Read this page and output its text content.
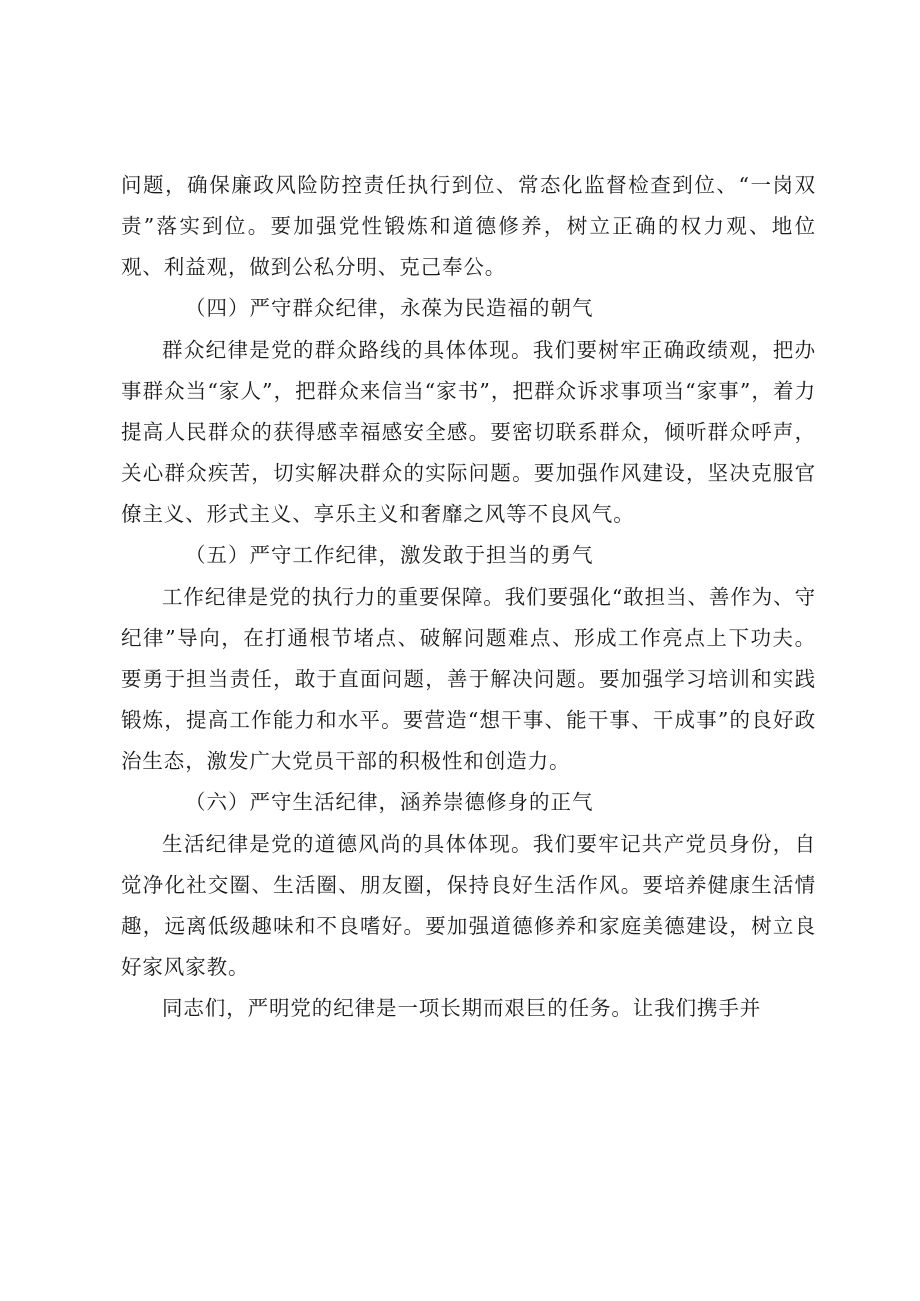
问题，确保廉政风险防控责任执行到位、常态化监督检查到位、“一岗双责”落实到位。要加强党性锻炼和道德修养，树立正确的权力观、地位观、利益观，做到公私分明、克己奉公。

（四）严守群众纪律，永葆为民造福的朝气

群众纪律是党的群众路线的具体体现。我们要树牢正确政绩观，把办事群众当“家人”，把群众来信当“家书”，把群众诉求事项当“家事”，着力提高人民群众的获得感幸福感安全感。要密切联系群众，倾听群众呼声，关心群众疾苦，切实解决群众的实际问题。要加强作风建设，坚决克服官僚主义、形式主义、享乐主义和奢靡之风等不良风气。

（五）严守工作纪律，激发敢于担当的勇气

工作纪律是党的执行力的重要保障。我们要强化“敢担当、善作为、守纪律”导向，在打通根节堵点、破解问题难点、形成工作亮点上下功夫。要勇于担当责任，敢于直面问题，善于解决问题。要加强学习培训和实践锻炼，提高工作能力和水平。要营造“想干事、能干事、干成事”的良好政治生态，激发广大党员干部的积极性和创造力。

（六）严守生活纪律，涵养崇德修身的正气

生活纪律是党的道德风尚的具体体现。我们要牢记共产党员身份，自觉净化社交圈、生活圈、朋友圈，保持良好生活作风。要培养健康生活情趣，远离低级趣味和不良嗜好。要加强道德修养和家庭美德建设，树立良好家风家教。

同志们，严明党的纪律是一项长期而艰巨的任务。让我们携手并
